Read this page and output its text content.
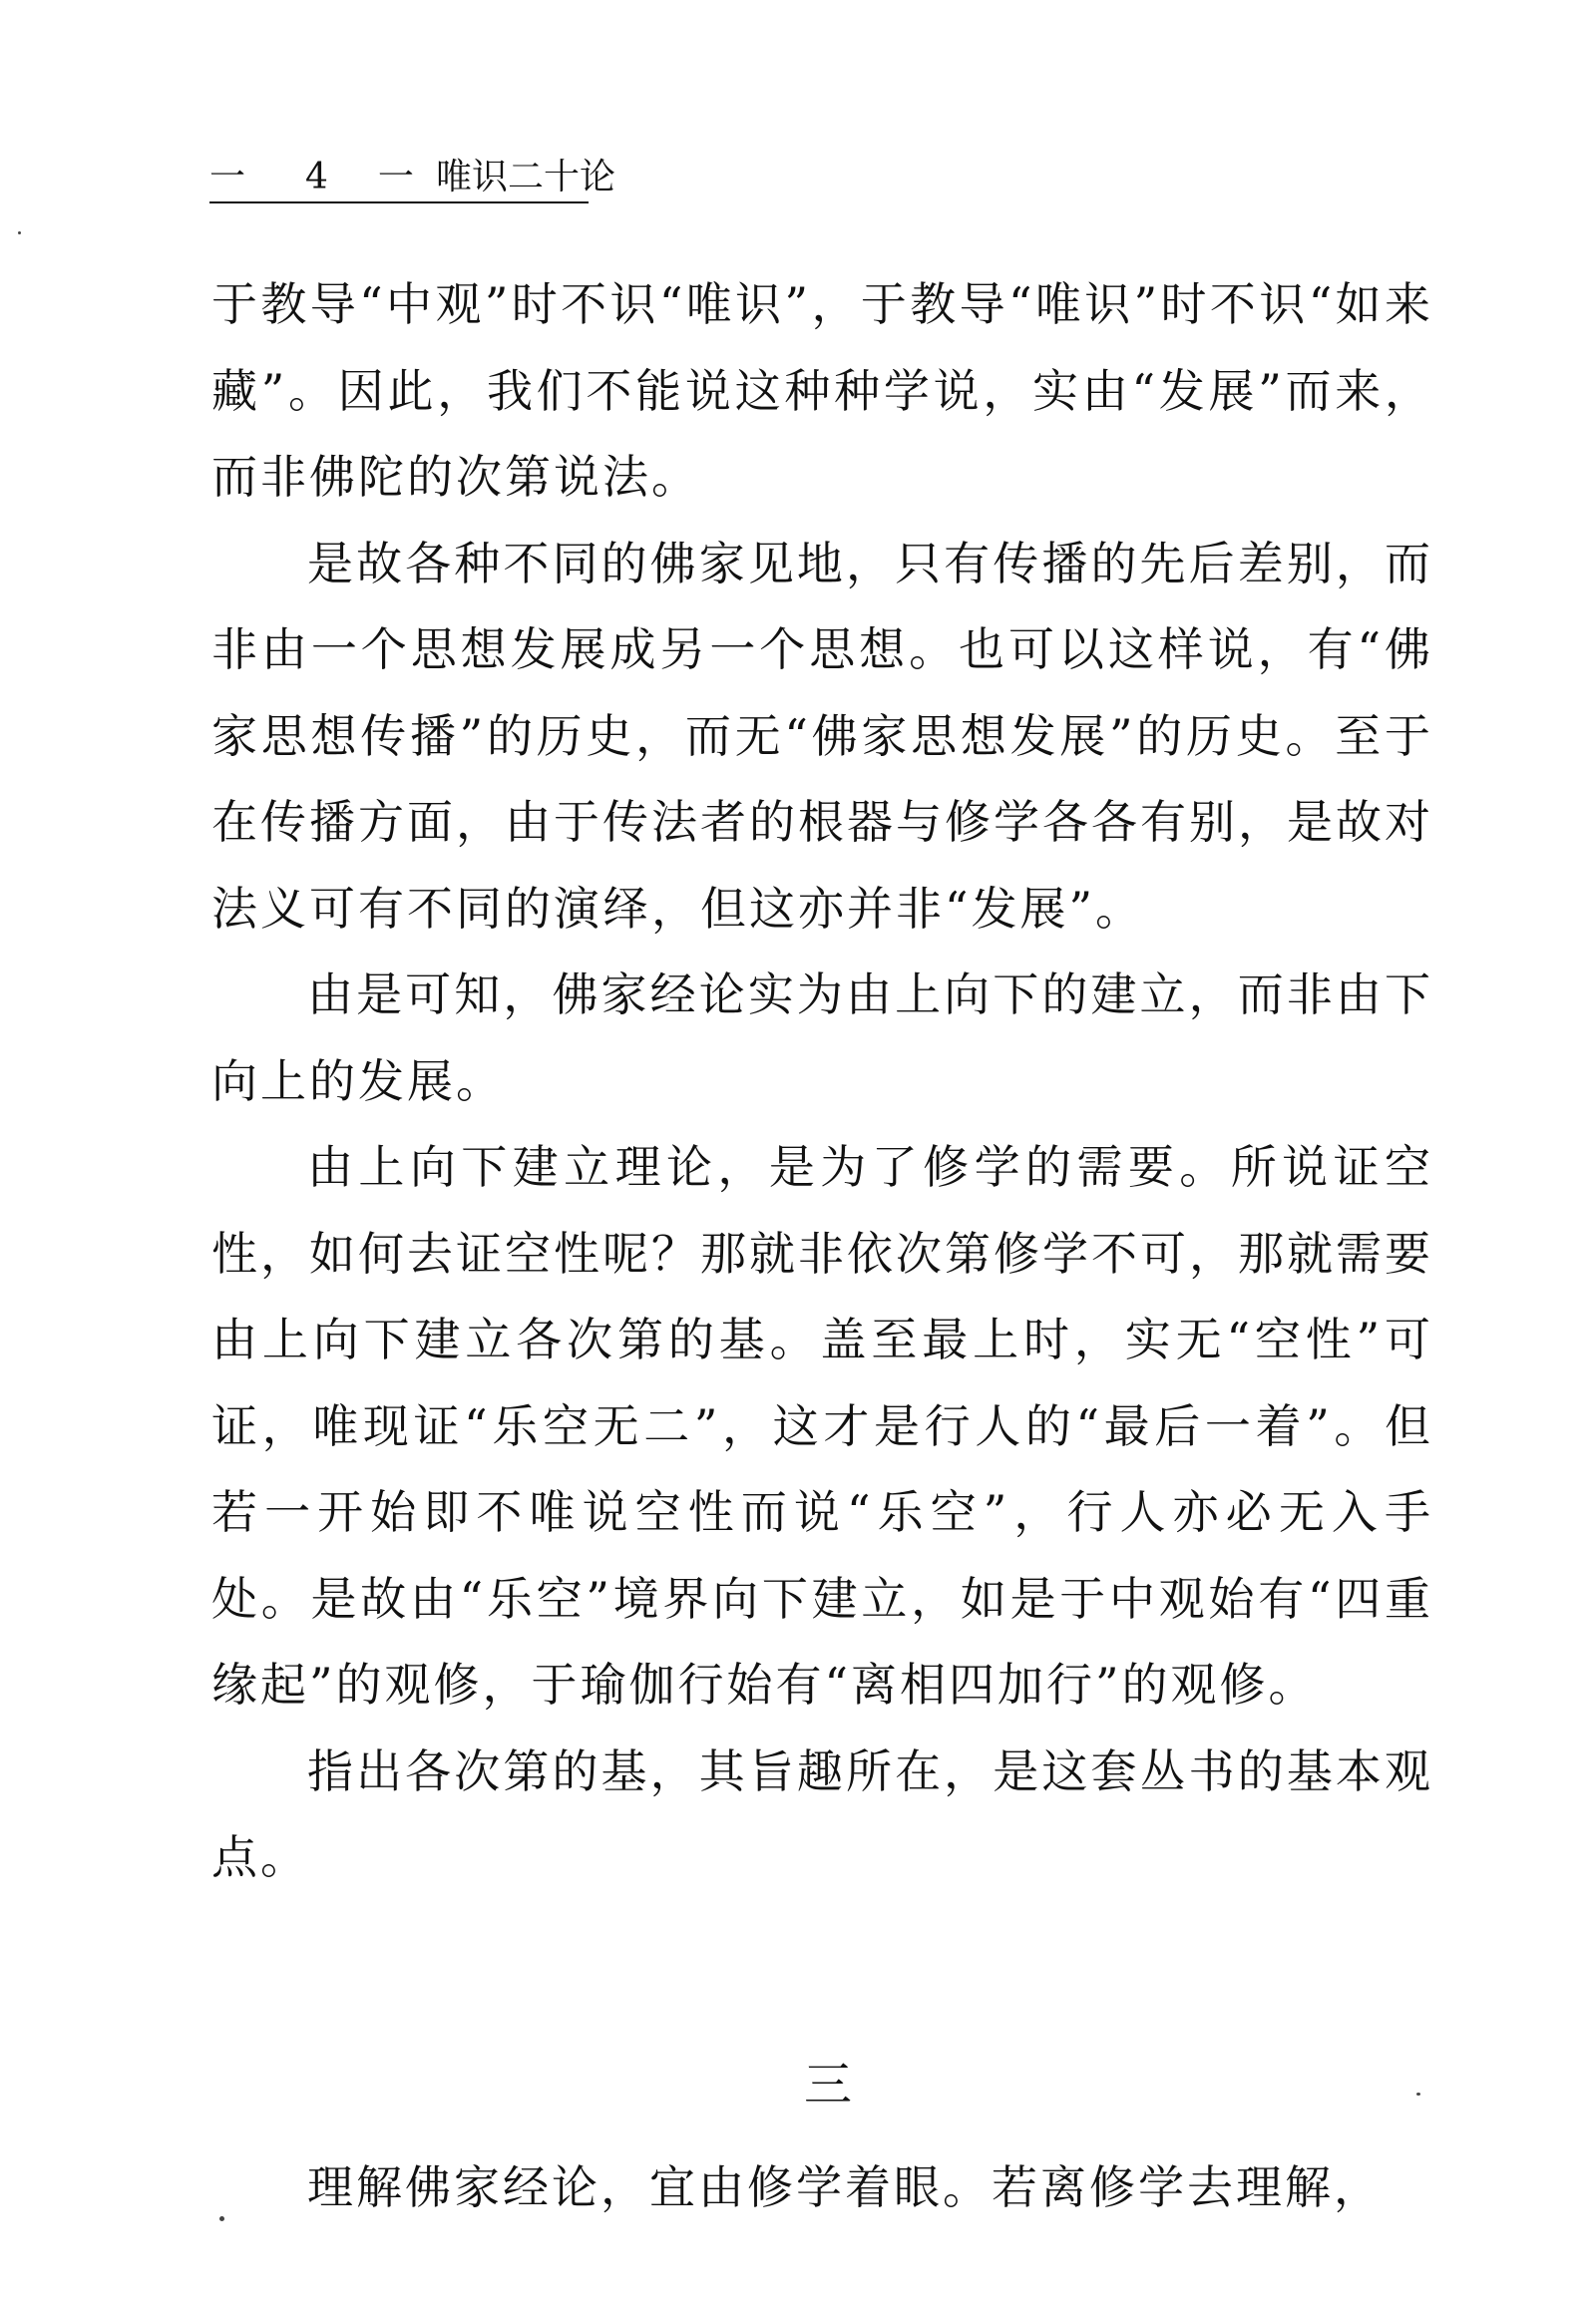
一 4 一 唯识二十论

于教导“中观”时不识“唯识”，于教导“唯识”时不识“如来藏”。因此，我们不能说这种种学说，实由“发展”而来，而非佛陀的次第说法。

是故各种不同的佛家见地，只有传播的先后差别，而非由一个思想发展成另一个思想。也可以这样说，有“佛家思想传播”的历史，而无“佛家思想发展”的历史。至于在传播方面，由于传法者的根器与修学各各有别，是故对法义可有不同的演绎，但这亦并非“发展”。

由是可知，佛家经论实为由上向下的建立，而非由下向上的发展。

由上向下建立理论，是为了修学的需要。所说证空性，如何去证空性呢？那就非依次第修学不可，那就需要由上向下建立各次第的基。盖至最上时，实无“空性”可证，唯现证“乐空无二”，这才是行人的“最后一着”。但若一开始即不唯说空性而说“乐空”，行人亦必无入手处。是故由“乐空”境界向下建立，如是于中观始有“四重缘起”的观修，于瑜伽行始有“离相四加行”的观修。

指出各次第的基，其旨趣所在，是这套丛书的基本观点。

三

理解佛家经论，宜由修学着眼。若离修学去理解，
